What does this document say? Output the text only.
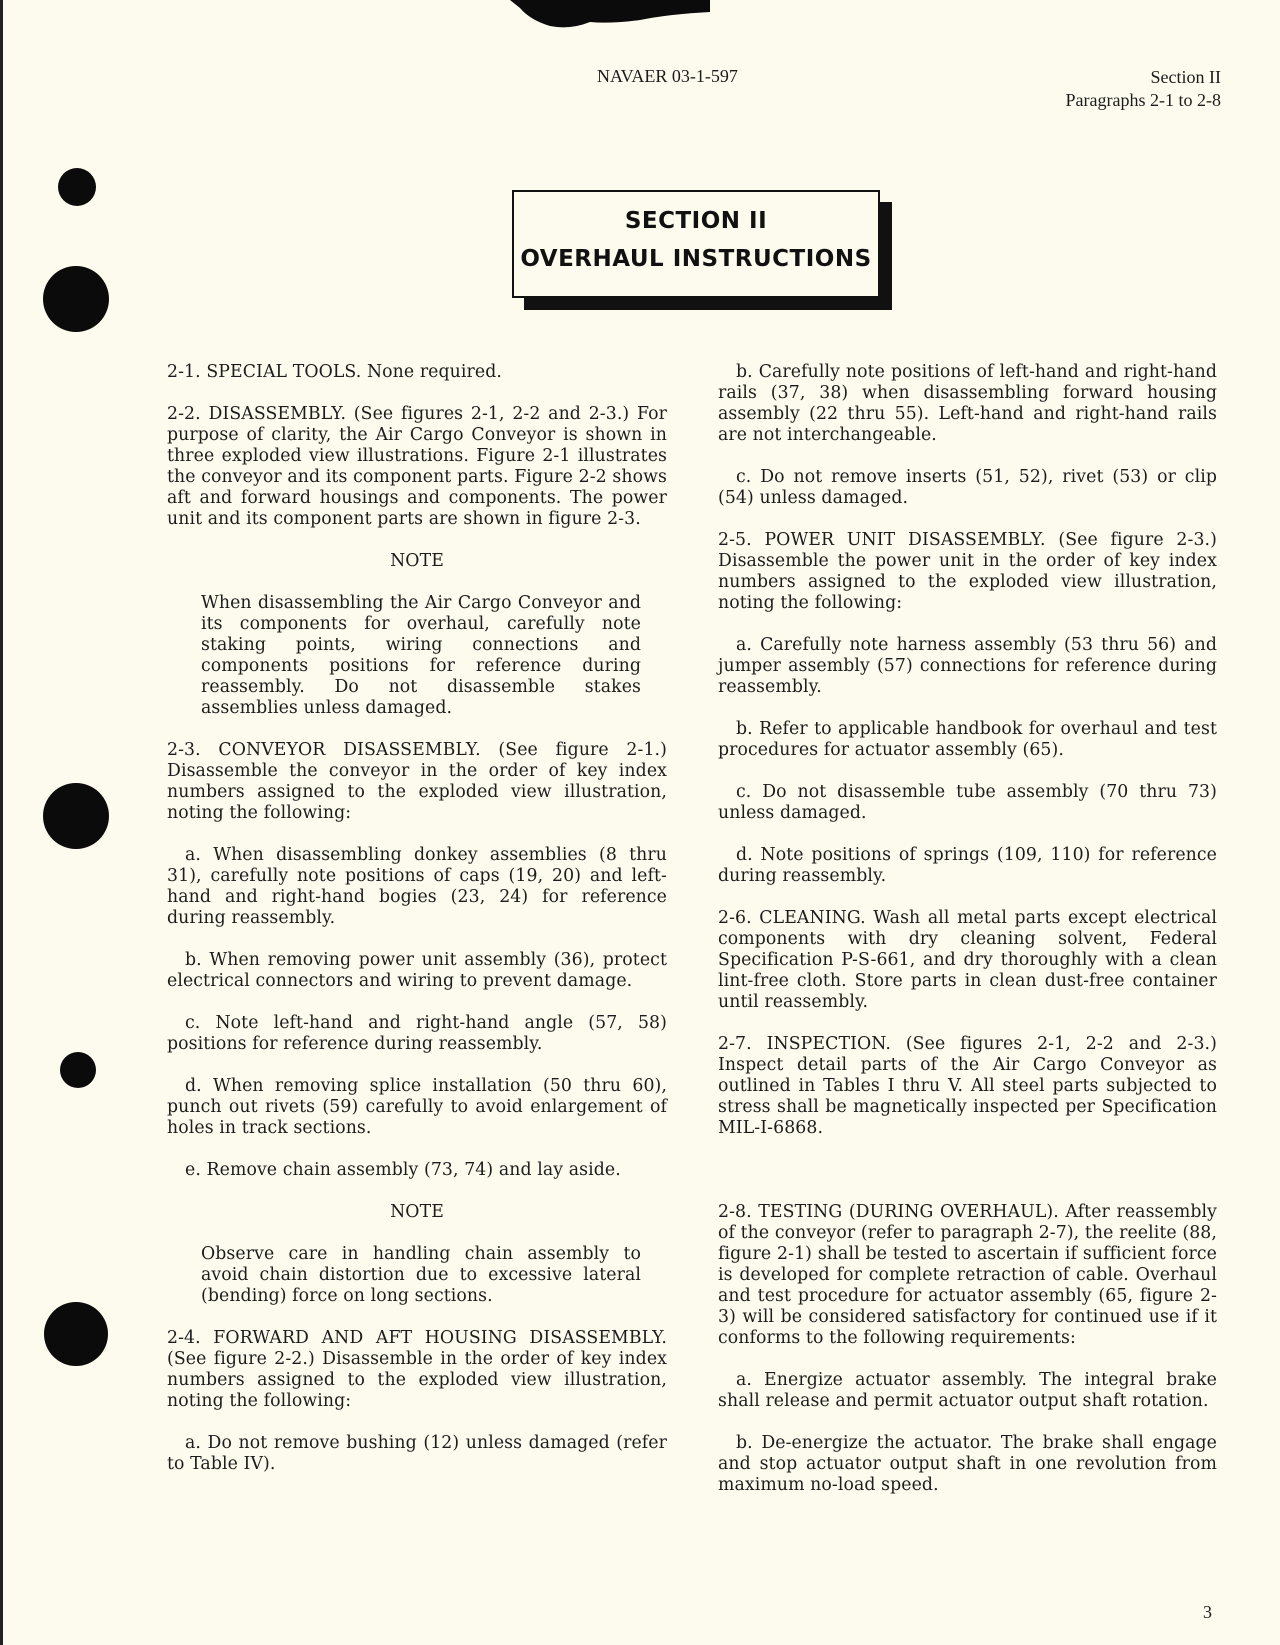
NAVAER 03-1-597	Section II
Paragraphs 2-1 to 2-8
SECTION II
OVERHAUL INSTRUCTIONS

2-1. SPECIAL TOOLS. None required.

2-2. DISASSEMBLY. (See figures 2-1, 2-2 and 2-3.) For purpose of clarity, the Air Cargo Conveyor is shown in three exploded view illustrations. Figure 2-1 illustrates the conveyor and its component parts. Figure 2-2 shows aft and forward housings and components. The power unit and its component parts are shown in figure 2-3.

NOTE

When disassembling the Air Cargo Conveyor and its components for overhaul, carefully note staking points, wiring connections and components positions for reference during reassembly. Do not disassemble stakes assemblies unless damaged.

2-3. CONVEYOR DISASSEMBLY. (See figure 2-1.) Disassemble the conveyor in the order of key index numbers assigned to the exploded view illustration, noting the following:

a. When disassembling donkey assemblies (8 thru 31), carefully note positions of caps (19, 20) and left-hand and right-hand bogies (23, 24) for reference during reassembly.

b. When removing power unit assembly (36), protect electrical connectors and wiring to prevent damage.

c. Note left-hand and right-hand angle (57, 58) positions for reference during reassembly.

d. When removing splice installation (50 thru 60), punch out rivets (59) carefully to avoid enlargement of holes in track sections.

e. Remove chain assembly (73, 74) and lay aside.

NOTE

Observe care in handling chain assembly to avoid chain distortion due to excessive lateral (bending) force on long sections.

2-4. FORWARD AND AFT HOUSING DISASSEMBLY. (See figure 2-2.) Disassemble in the order of key index numbers assigned to the exploded view illustration, noting the following:

a. Do not remove bushing (12) unless damaged (refer to Table IV).

b. Carefully note positions of left-hand and right-hand rails (37, 38) when disassembling forward housing assembly (22 thru 55). Left-hand and right-hand rails are not interchangeable.

c. Do not remove inserts (51, 52), rivet (53) or clip (54) unless damaged.

2-5. POWER UNIT DISASSEMBLY. (See figure 2-3.) Disassemble the power unit in the order of key index numbers assigned to the exploded view illustration, noting the following:

a. Carefully note harness assembly (53 thru 56) and jumper assembly (57) connections for reference during reassembly.

b. Refer to applicable handbook for overhaul and test procedures for actuator assembly (65).

c. Do not disassemble tube assembly (70 thru 73) unless damaged.

d. Note positions of springs (109, 110) for reference during reassembly.

2-6. CLEANING. Wash all metal parts except electrical components with dry cleaning solvent, Federal Specification P-S-661, and dry thoroughly with a clean lint-free cloth. Store parts in clean dust-free container until reassembly.

2-7. INSPECTION. (See figures 2-1, 2-2 and 2-3.) Inspect detail parts of the Air Cargo Conveyor as outlined in Tables I thru V. All steel parts subjected to stress shall be magnetically inspected per Specification MIL-I-6868.

2-8. TESTING (DURING OVERHAUL). After reassembly of the conveyor (refer to paragraph 2-7), the reelite (88, figure 2-1) shall be tested to ascertain if sufficient force is developed for complete retraction of cable. Overhaul and test procedure for actuator assembly (65, figure 2-3) will be considered satisfactory for continued use if it conforms to the following requirements:

a. Energize actuator assembly. The integral brake shall release and permit actuator output shaft rotation.

b. De-energize the actuator. The brake shall engage and stop actuator output shaft in one revolution from maximum no-load speed.

3
